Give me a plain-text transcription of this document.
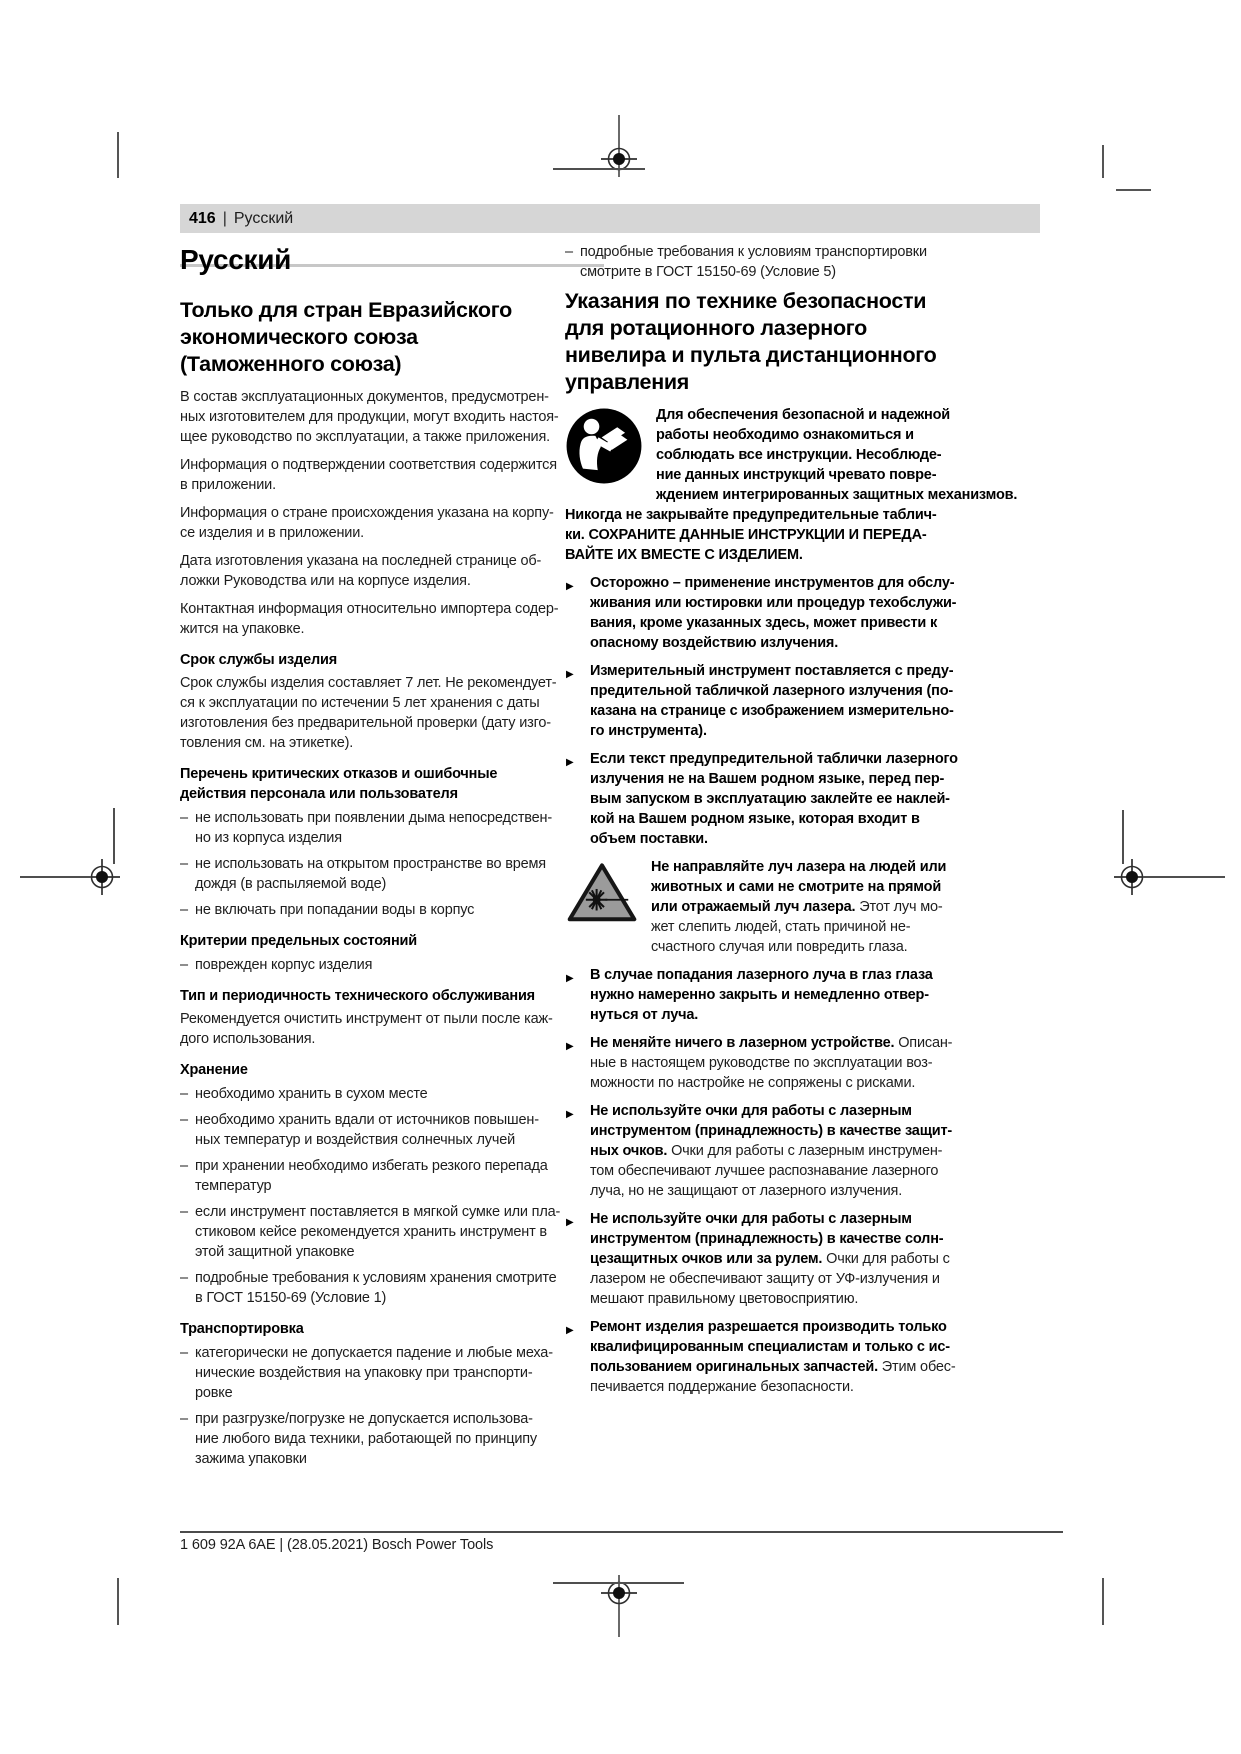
416 | Русский
Русский
Только для стран Евразийского
экономического союза
(Таможенного союза)
В состав эксплуатационных документов, предусмотрен-
ных изготовителем для продукции, могут входить настоя-
щее руководство по эксплуатации, а также приложения.
Информация о подтверждении соответствия содержится
в приложении.
Информация о стране происхождения указана на корпу-
се изделия и в приложении.
Дата изготовления указана на последней странице об-
ложки Руководства или на корпусе изделия.
Контактная информация относительно импортера содер-
жится на упаковке.
Срок службы изделия
Срок службы изделия составляет 7 лет. Не рекомендует-
ся к эксплуатации по истечении 5 лет хранения с даты
изготовления без предварительной проверки (дату изго-
товления см. на этикетке).
Перечень критических отказов и ошибочные
действия персонала или пользователя
– не использовать при появлении дыма непосредствен-
но из корпуса изделия
– не использовать на открытом пространстве во время
дождя (в распыляемой воде)
– не включать при попадании воды в корпус
Критерии предельных состояний
– поврежден корпус изделия
Тип и периодичность технического обслуживания
Рекомендуется очистить инструмент от пыли после каж-
дого использования.
Хранение
– необходимо хранить в сухом месте
– необходимо хранить вдали от источников повышен-
ных температур и воздействия солнечных лучей
– при хранении необходимо избегать резкого перепада
температур
– если инструмент поставляется в мягкой сумке или пла-
стиковом кейсе рекомендуется хранить инструмент в
этой защитной упаковке
– подробные требования к условиям хранения смотрите
в ГОСТ 15150-69 (Условие 1)
Транспортировка
– категорически не допускается падение и любые меха-
нические воздействия на упаковку при транспорти-
ровке
– при разгрузке/погрузке не допускается использова-
ние любого вида техники, работающей по принципу
зажима упаковки
– подробные требования к условиям транспортировки
смотрите в ГОСТ 15150-69 (Условие 5)
Указания по технике безопасности
для ротационного лазерного
нивелира и пульта дистанционного
управления
Для обеспечения безопасной и надежной
работы необходимо ознакомиться и
соблюдать все инструкции. Несоблюде-
ние данных инструкций чревато повре-
ждением интегрированных защитных механизмов.
Никогда не закрывайте предупредительные таблич-
ки. СОХРАНИТЕ ДАННЫЕ ИНСТРУКЦИИ И ПЕРЕДА-
ВАЙТЕ ИХ ВМЕСТЕ С ИЗДЕЛИЕМ.
▶ Осторожно – применение инструментов для обслу-
живания или юстировки или процедур техобслужи-
вания, кроме указанных здесь, может привести к
опасному воздействию излучения.
▶ Измерительный инструмент поставляется с преду-
предительной табличкой лазерного излучения (по-
казана на странице с изображением измерительно-
го инструмента).
▶ Если текст предупредительной таблички лазерного
излучения не на Вашем родном языке, перед пер-
вым запуском в эксплуатацию заклейте ее наклей-
кой на Вашем родном языке, которая входит в
объем поставки.
Не направляйте луч лазера на людей или
животных и сами не смотрите на прямой
или отражаемый луч лазера. Этот луч мо-
жет слепить людей, стать причиной не-
счастного случая или повредить глаза.
▶ В случае попадания лазерного луча в глаз глаза
нужно намеренно закрыть и немедленно отвер-
нуться от луча.
▶ Не меняйте ничего в лазерном устройстве. Описан-
ные в настоящем руководстве по эксплуатации воз-
можности по настройке не сопряжены с рисками.
▶ Не используйте очки для работы с лазерным
инструментом (принадлежность) в качестве защит-
ных очков. Очки для работы с лазерным инструмен-
том обеспечивают лучшее распознавание лазерного
луча, но не защищают от лазерного излучения.
▶ Не используйте очки для работы с лазерным
инструментом (принадлежность) в качестве солн-
цезащитных очков или за рулем. Очки для работы с
лазером не обеспечивают защиту от УФ-излучения и
мешают правильному цветовосприятию.
▶ Ремонт изделия разрешается производить только
квалифицированным специалистам и только с ис-
пользованием оригинальных запчастей. Этим обес-
печивается поддержание безопасности.
1 609 92A 6AE | (28.05.2021) Bosch Power Tools
